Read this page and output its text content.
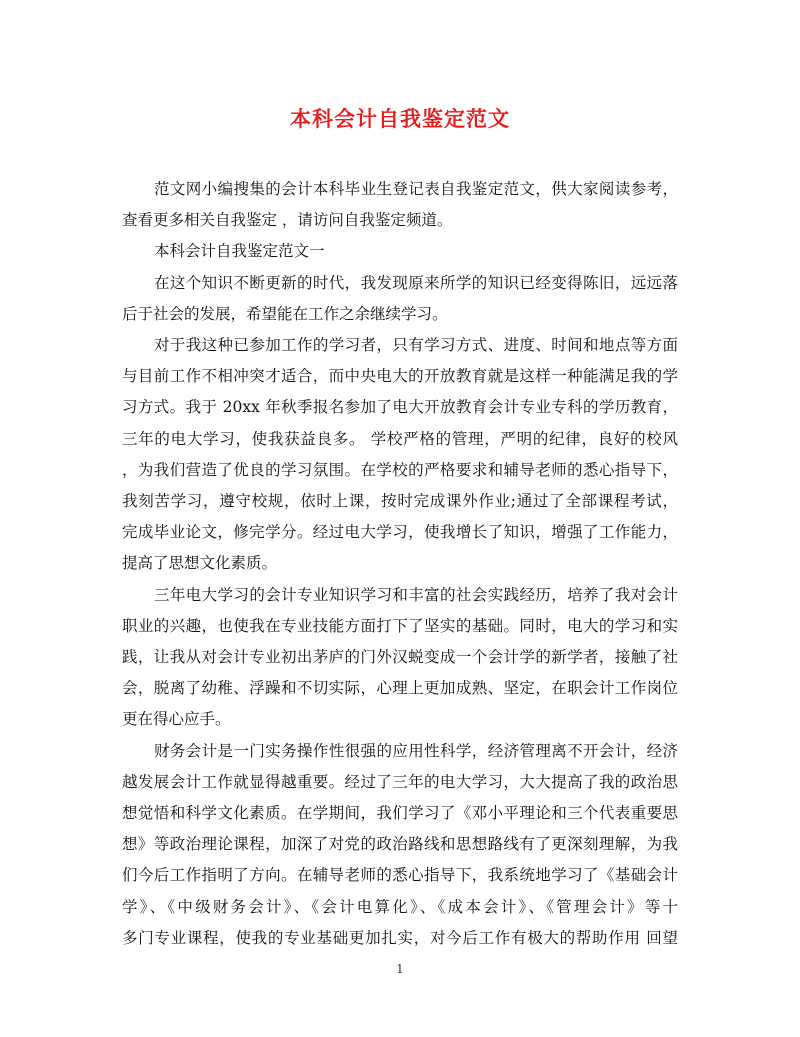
本科会计自我鉴定范文

范文网小编搜集的会计本科毕业生登记表自我鉴定范文，供大家阅读参考，
查看更多相关自我鉴定 ，请访问自我鉴定频道。

本科会计自我鉴定范文一

在这个知识不断更新的时代，我发现原来所学的知识已经变得陈旧，远远落
后于社会的发展，希望能在工作之余继续学习。

对于我这种已参加工作的学习者，只有学习方式、进度、时间和地点等方面
与目前工作不相冲突才适合，而中央电大的开放教育就是这样一种能满足我的学
习方式。我于 20xx 年秋季报名参加了电大开放教育会计专业专科的学历教育，
三年的电大学习，使我获益良多。 学校严格的管理，严明的纪律，良好的校风
，为我们营造了优良的学习氛围。在学校的严格要求和辅导老师的悉心指导下，
我刻苦学习，遵守校规，依时上课，按时完成课外作业;通过了全部课程考试，
完成毕业论文，修完学分。经过电大学习，使我增长了知识，增强了工作能力，
提高了思想文化素质。

三年电大学习的会计专业知识学习和丰富的社会实践经历，培养了我对会计
职业的兴趣，也使我在专业技能方面打下了坚实的基础。同时，电大的学习和实
践，让我从对会计专业初出茅庐的门外汉蜕变成一个会计学的新学者，接触了社
会，脱离了幼稚、浮躁和不切实际，心理上更加成熟、坚定，在职会计工作岗位
更在得心应手。

财务会计是一门实务操作性很强的应用性科学，经济管理离不开会计，经济
越发展会计工作就显得越重要。经过了三年的电大学习，大大提高了我的政治思
想觉悟和科学文化素质。在学期间，我们学习了《邓小平理论和三个代表重要思
想》等政治理论课程，加深了对党的政治路线和思想路线有了更深刻理解，为我
们今后工作指明了方向。在辅导老师的悉心指导下，我系统地学习了《基础会计
学》、《中级财务会计》、《会计电算化》、《成本会计》、《管理会计》等十
多门专业课程，使我的专业基础更加扎实，对今后工作有极大的帮助作用 回望

1
